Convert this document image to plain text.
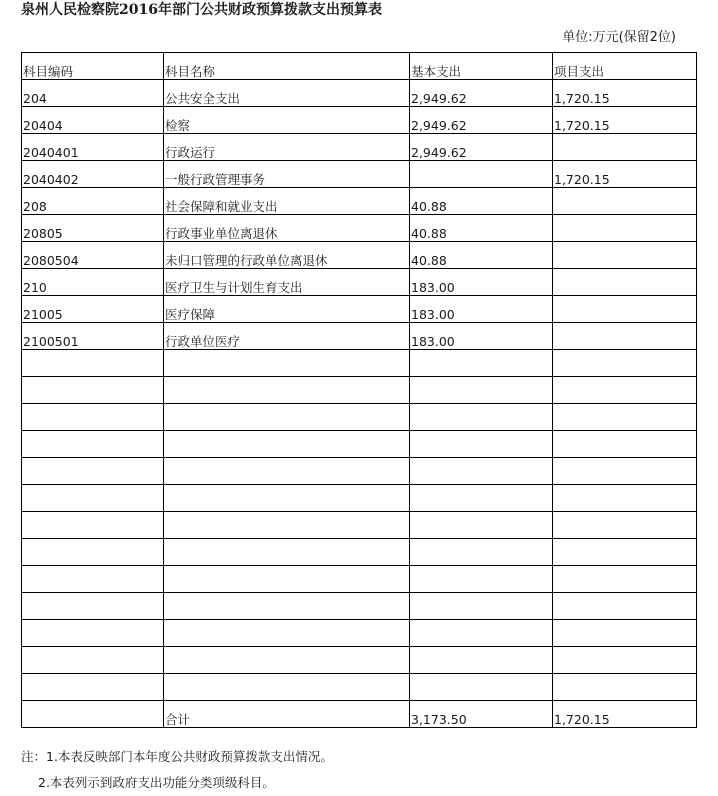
泉州人民检察院2016年部门公共财政预算拨款支出预算表
单位:万元(保留2位)
科目编码	科目名称	基本支出	项目支出
204	公共安全支出	2,949.62	1,720.15
20404	检察	2,949.62	1,720.15
2040401	行政运行	2,949.62	
2040402	一般行政管理事务		1,720.15
208	社会保障和就业支出	40.88	
20805	行政事业单位离退休	40.88	
2080504	未归口管理的行政单位离退休	40.88	
210	医疗卫生与计划生育支出	183.00	
21005	医疗保障	183.00	
2100501	行政单位医疗	183.00	

	合计	3,173.50	1,720.15
注：1.本表反映部门本年度公共财政预算拨款支出情况。
2.本表列示到政府支出功能分类项级科目。
